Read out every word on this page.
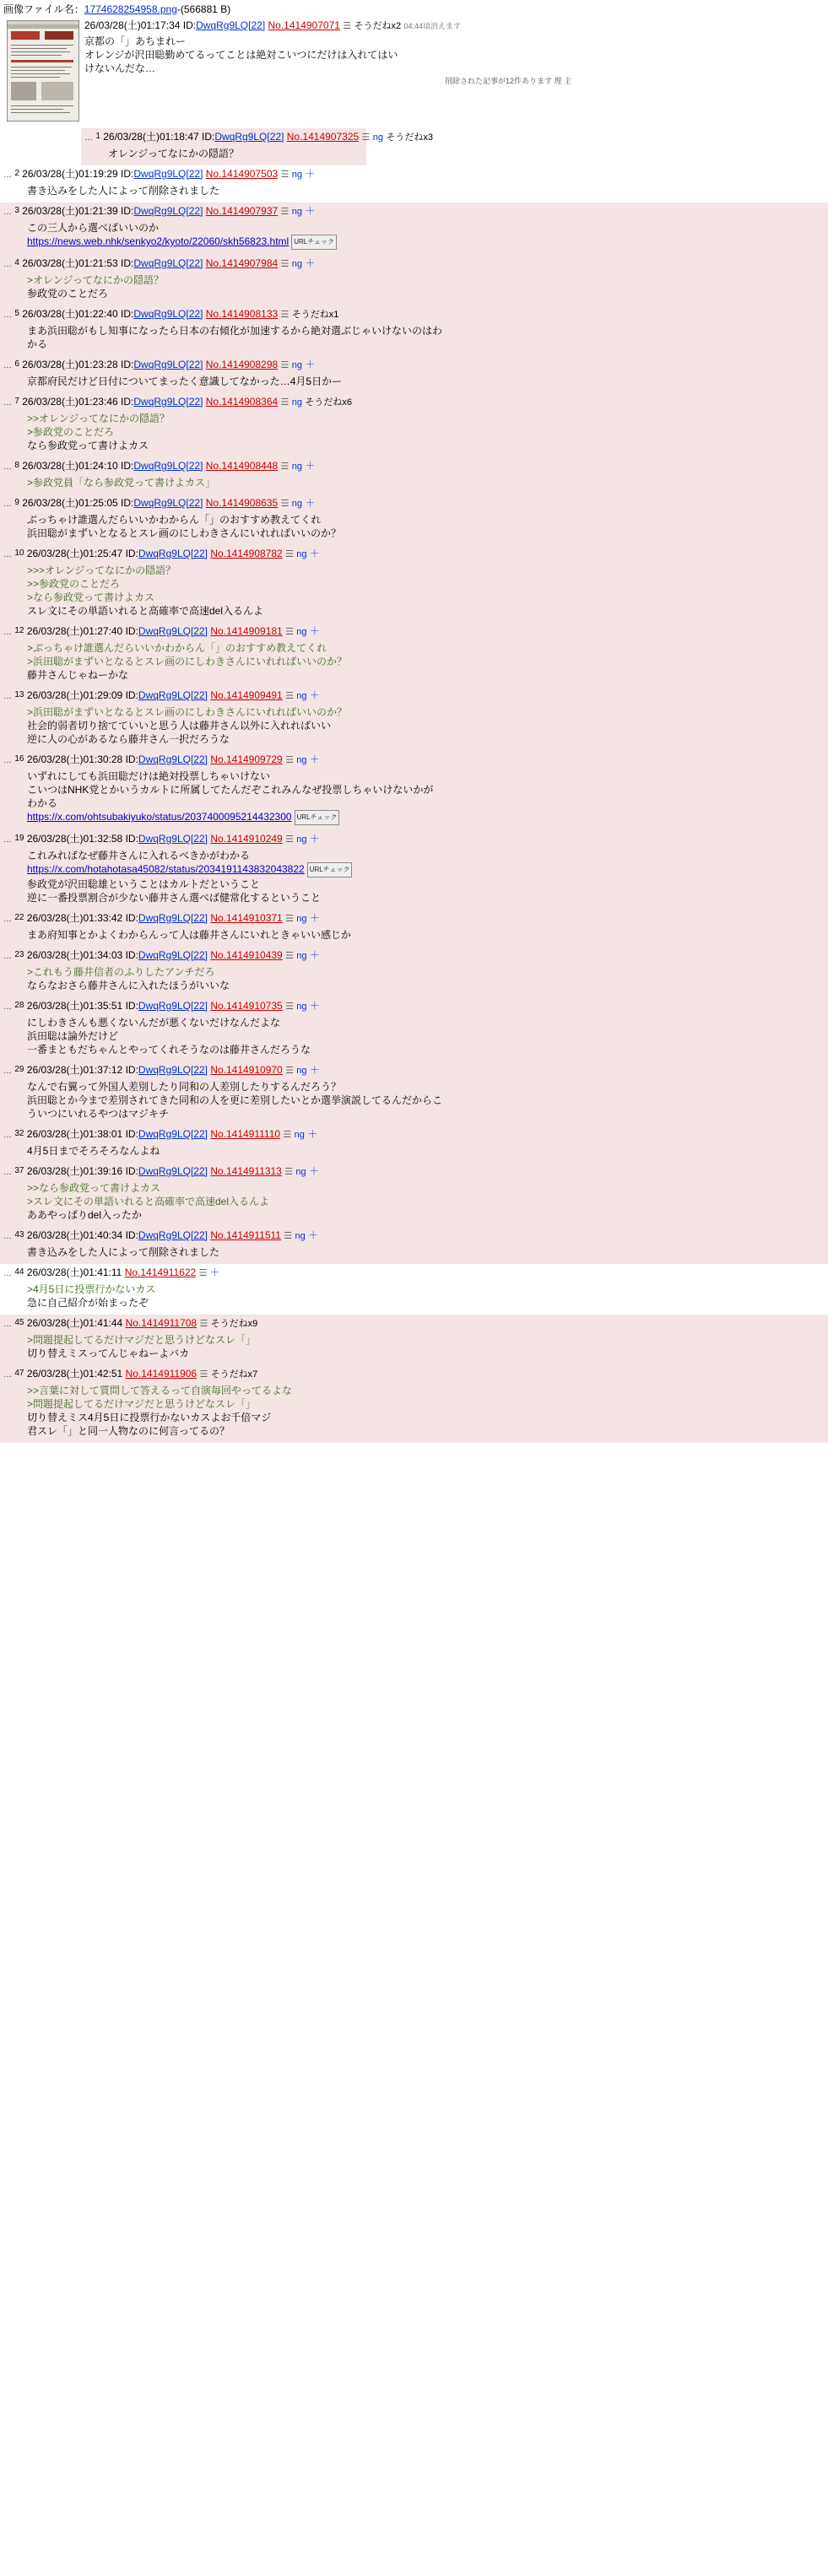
画像ファイル名：1774628254958.png-(566881 B)
26/03/28(土)01:17:34 ID:DwqRg9LQ[22] No.1414907071 ☰ そうだねx2 04:44頃消えます
京都の「」あちまれー
オレンジが沢田聡勤めてるってことは絶対こいつにだけは入れてはい
けないんだな…
削除された記事が12件あります 理 主
… $^1$ 26/03/28(土)01:18:47 ID:DwqRg9LQ[22] No.1414907325 ☰ ng そうだねx3
オレンジってなにかの隠語？
… $^2$ 26/03/28(土)01:19:29 ID:DwqRg9LQ[22] No.1414907503 ☰ ng ＋
書き込みをした人によって削除されました
… $^3$ 26/03/28(土)01:21:39 ID:DwqRg9LQ[22] No.1414907937 ☰ ng ＋
この三人から選べばいいのか
https://news.web.nhk/senkyo2/kyoto/22060/skh56823.html URLチェック
… $^4$ 26/03/28(土)01:21:53 ID:DwqRg9LQ[22] No.1414907984 ☰ ng ＋
>オレンジってなにかの隠語？
参政党のことだろ
… $^5$ 26/03/28(土)01:22:40 ID:DwqRg9LQ[22] No.1414908133 ☰ そうだねx1
まあ浜田聡がもし知事になったら日本の右傾化が加速するから絶対選ぶじゃいけないのはわ
かる
… $^6$ 26/03/28(土)01:23:28 ID:DwqRg9LQ[22] No.1414908298 ☰ ng ＋
京都府民だけど日付についてまったく意識してなかった…4月5日かー
… $^7$ 26/03/28(土)01:23:46 ID:DwqRg9LQ[22] No.1414908364 ☰ ng そうだねx6
>>オレンジってなにかの隠語？
>参政党のことだろ
なら参政党って書けよカス
… $^8$ 26/03/28(土)01:24:10 ID:DwqRg9LQ[22] No.1414908448 ☰ ng ＋
>参政党員「なら参政党って書けよカス」
… $^9$ 26/03/28(土)01:25:05 ID:DwqRg9LQ[22] No.1414908635 ☰ ng ＋
ぶっちゃけ誰選んだらいいかわからん「」のおすすめ教えてくれ
浜田聡がまずいとなるとスレ画のにしわきさんにいれればいいのか？
… $^{10}$ 26/03/28(土)01:25:47 ID:DwqRg9LQ[22] No.1414908782 ☰ ng ＋
>>>オレンジってなにかの隠語？
>>参政党のことだろ
>なら参政党って書けよカス
スレ文にその単語いれると高確率で高速del入るんよ
… $^{12}$ 26/03/28(土)01:27:40 ID:DwqRg9LQ[22] No.1414909181 ☰ ng ＋
>ぶっちゃけ誰選んだらいいかわからん「」のおすすめ教えてくれ
>浜田聡がまずいとなるとスレ画のにしわきさんにいれればいいのか？
藤井さんじゃねーかな
… $^{13}$ 26/03/28(土)01:29:09 ID:DwqRg9LQ[22] No.1414909491 ☰ ng ＋
>浜田聡がまずいとなるとスレ画のにしわきさんにいれればいいのか？
社会的弱者切り捨てていいと思う人は藤井さん以外に入れればいい
逆に人の心があるなら藤井さん一択だろうな
… $^{16}$ 26/03/28(土)01:30:28 ID:DwqRg9LQ[22] No.1414909729 ☰ ng ＋
いずれにしても浜田聡だけは絶対投票しちゃいけない
こいつはNHK党とかいうカルトに所属してたんだぞこれみんなぜ投票しちゃいけないかが
わかる
https://x.com/ohtsubakiyuko/status/2037400095214432300 URLチェック
… $^{19}$ 26/03/28(土)01:32:58 ID:DwqRg9LQ[22] No.1414910249 ☰ ng ＋
これみればなぜ藤井さんに入れるべきかがわかる
https://x.com/hotahotasa45082/status/2034191143832043822 URLチェック
参政党が沢田聡雄ということはカルトだということ
逆に一番投票割合が少ない藤井さん選べば健常化するということ
… $^{22}$ 26/03/28(土)01:33:42 ID:DwqRg9LQ[22] No.1414910371 ☰ ng ＋
まあ府知事とかよくわからんって人は藤井さんにいれときゃいい感じか
… $^{23}$ 26/03/28(土)01:34:03 ID:DwqRg9LQ[22] No.1414910439 ☰ ng ＋
>これもう藤井信者のふりしたアンチだろ
ならなおさら藤井さんに入れたほうがいいな
… $^{28}$ 26/03/28(土)01:35:51 ID:DwqRg9LQ[22] No.1414910735 ☰ ng ＋
にしわきさんも悪くないんだが悪くないだけなんだよな
浜田聡は論外だけど
一番まともだちゃんとやってくれそうなのは藤井さんだろうな
… $^{29}$ 26/03/28(土)01:37:12 ID:DwqRg9LQ[22] No.1414910970 ☰ ng ＋
なんで右翼って外国人差別したり同和の人差別したりするんだろう？
浜田聡とか今まで差別されてきた同和の人を更に差別したいとか選挙演説してるんだからこ
ういつにいれるやつはマジキチ
… $^{32}$ 26/03/28(土)01:38:01 ID:DwqRg9LQ[22] No.1414911110 ☰ ng ＋
4月5日までそろそろなんよね
… $^{37}$ 26/03/28(土)01:39:16 ID:DwqRg9LQ[22] No.1414911313 ☰ ng ＋
>>なら参政党って書けよカス
>スレ文にその単語いれると高確率で高速del入るんよ
ああやっぱりdel入ったか
… $^{43}$ 26/03/28(土)01:40:34 ID:DwqRg9LQ[22] No.1414911511 ☰ ng ＋
書き込みをした人によって削除されました
… $^{44}$ 26/03/28(土)01:41:11 No.1414911622 ☰ ＋
>4月5日に投票行かないカス
急に自己紹介が始まったぞ
… $^{45}$ 26/03/28(土)01:41:44 No.1414911708 ☰ そうだねx9
>問題提起してるだけマジだと思うけどなスレ「」
切り替えミスってんじゃねーよバカ
… $^{47}$ 26/03/28(土)01:42:51 No.1414911906 ☰ そうだねx7
>>言葉に対して質問して答えるって自演毎回やってるよな
>問題提起してるだけマジだと思うけどなスレ「」
切り替えミス4月5日に投票行かないカスよお千倍マジ
君スレ「」と同一人物なのに何言ってるの？
